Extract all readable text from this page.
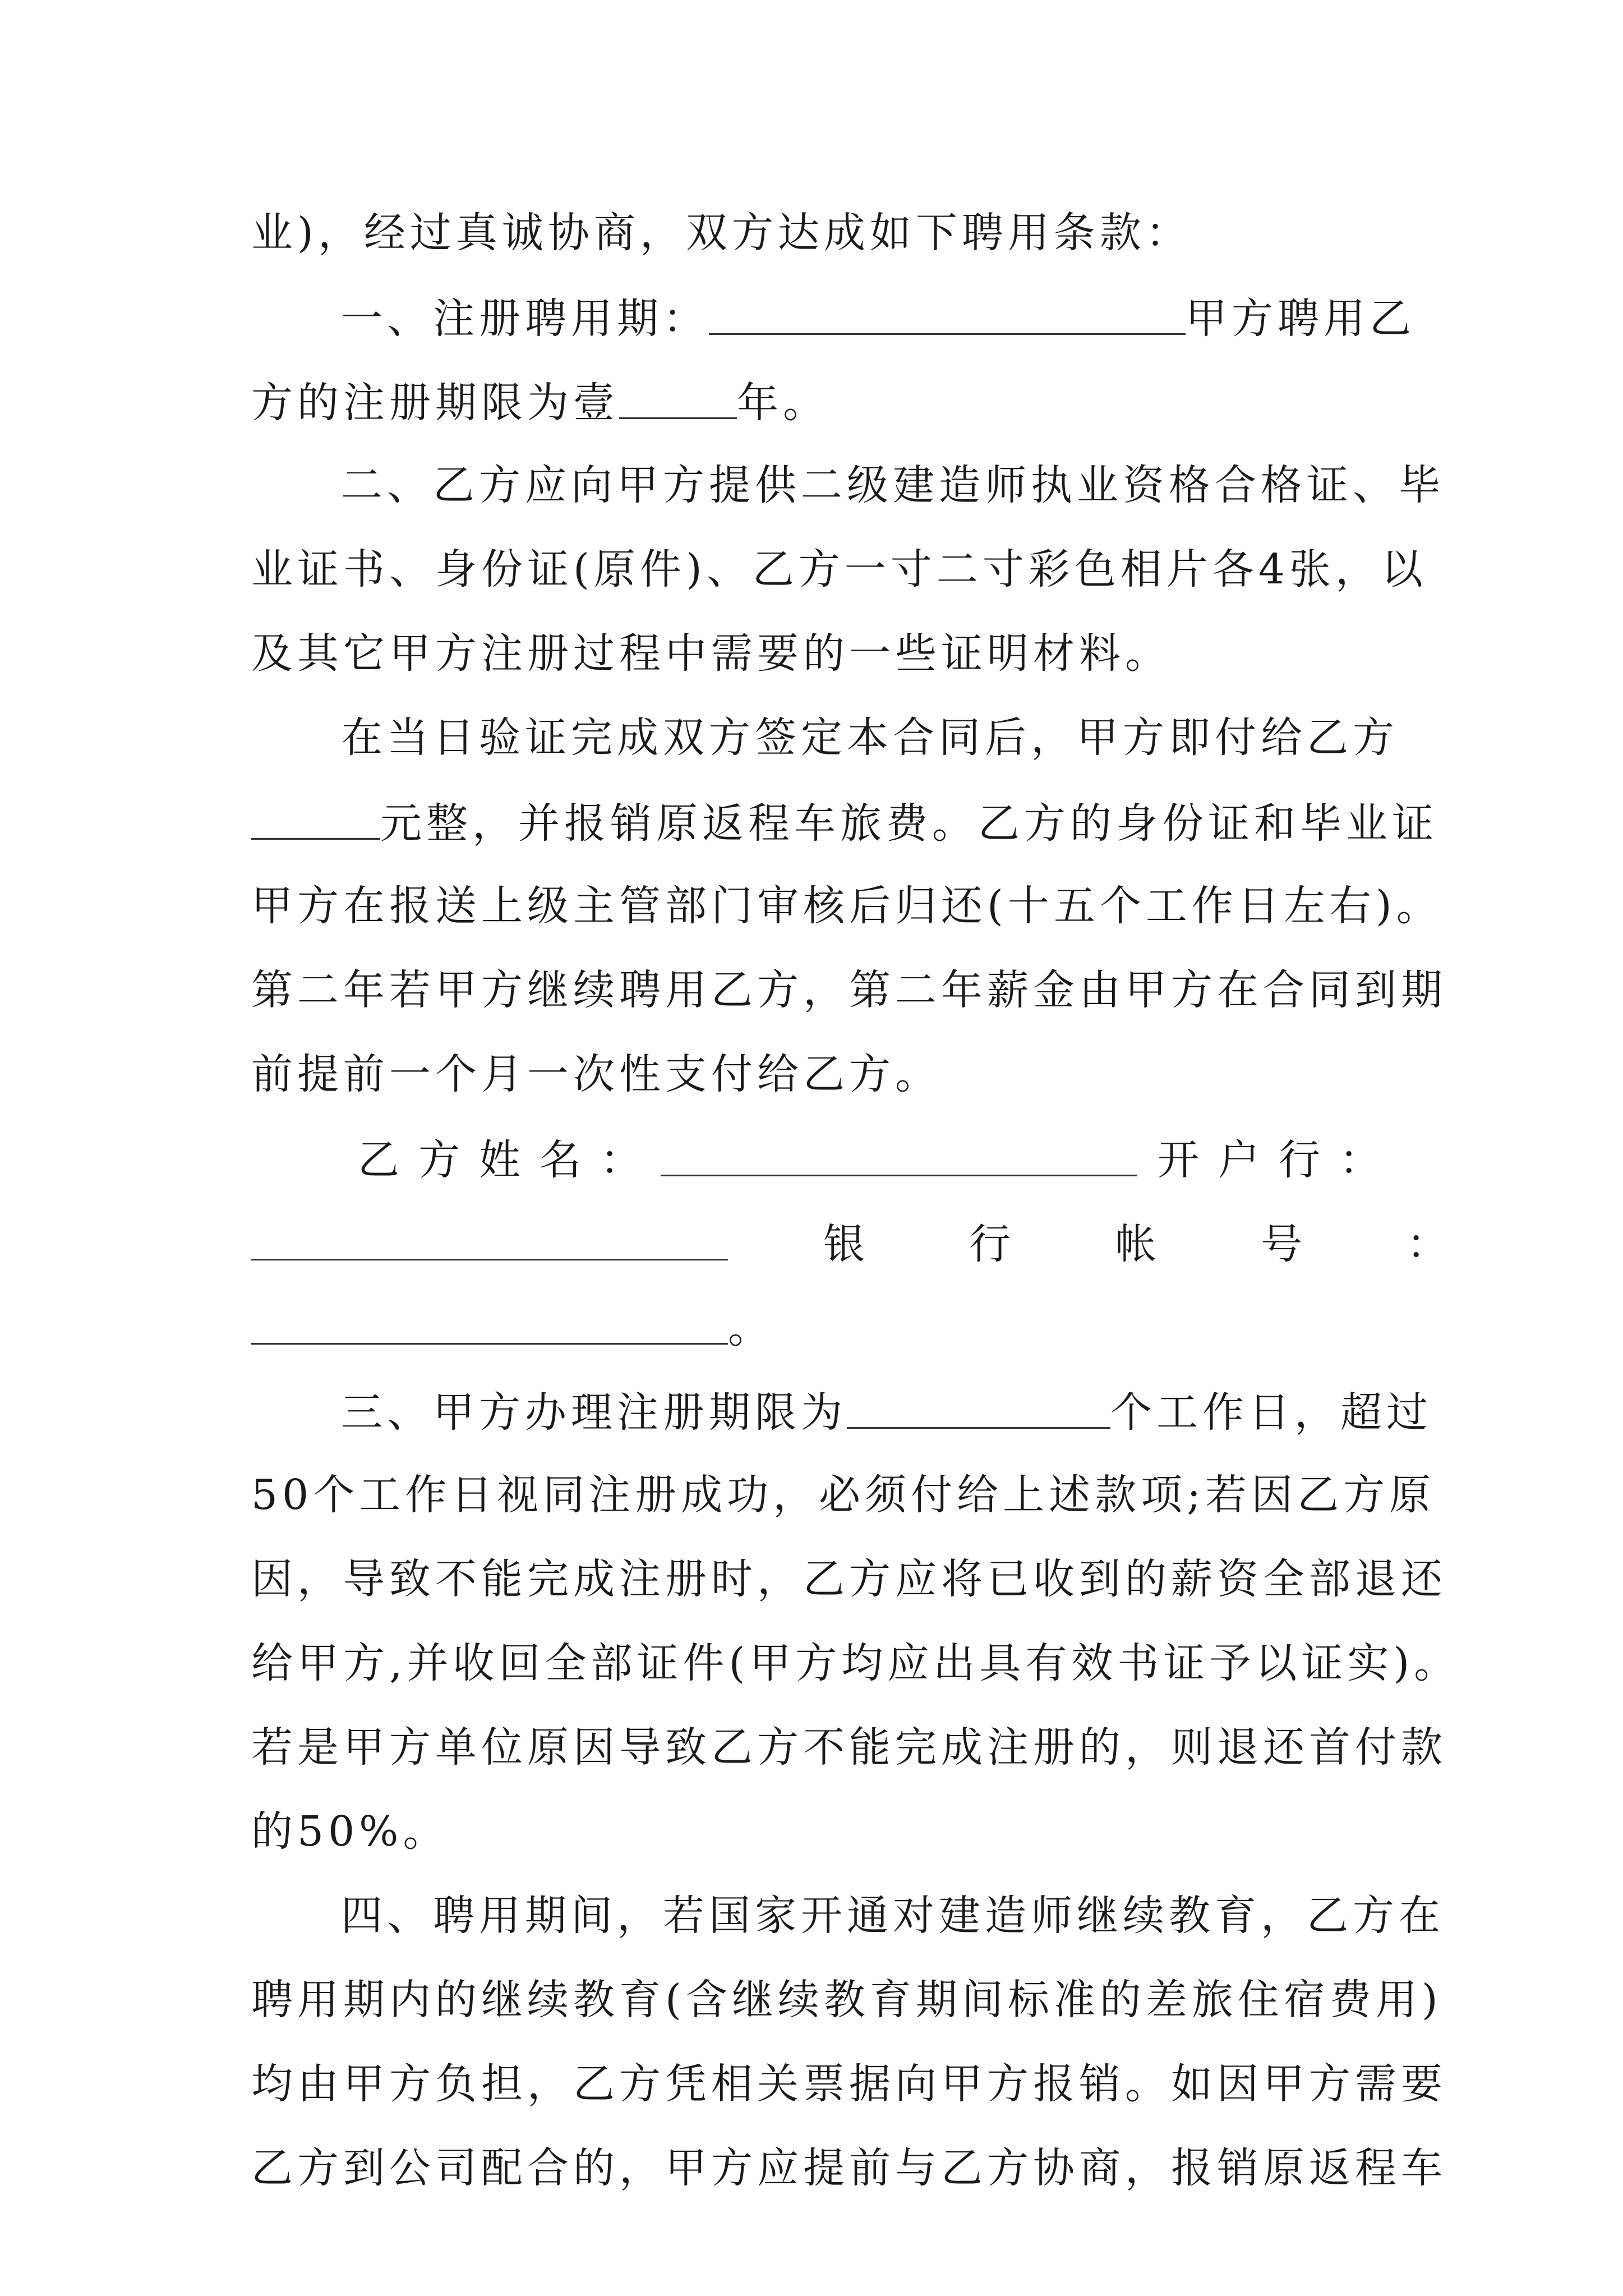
业)，经过真诚协商，双方达成如下聘用条款：
一、注册聘用期：	甲方聘用乙
方的注册期限为壹	年。
二、乙方应向甲方提供二级建造师执业资格合格证、毕
业证书、身份证(原件)、乙方一寸二寸彩色相片各4张，以
及其它甲方注册过程中需要的一些证明材料。
在当日验证完成双方签定本合同后，甲方即付给乙方
元整，并报销原返程车旅费。乙方的身份证和毕业证
甲方在报送上级主管部门审核后归还(十五个工作日左右)。
第二年若甲方继续聘用乙方，第二年薪金由甲方在合同到期
前提前一个月一次性支付给乙方。
乙方姓名：	开户行：
银行帐号：
。
三、甲方办理注册期限为	个工作日，超过
50个工作日视同注册成功，必须付给上述款项;若因乙方原
因，导致不能完成注册时，乙方应将已收到的薪资全部退还
给甲方,并收回全部证件(甲方均应出具有效书证予以证实)。
若是甲方单位原因导致乙方不能完成注册的，则退还首付款
的50%。
四、聘用期间，若国家开通对建造师继续教育，乙方在
聘用期内的继续教育(含继续教育期间标准的差旅住宿费用)
均由甲方负担，乙方凭相关票据向甲方报销。如因甲方需要
乙方到公司配合的，甲方应提前与乙方协商，报销原返程车
